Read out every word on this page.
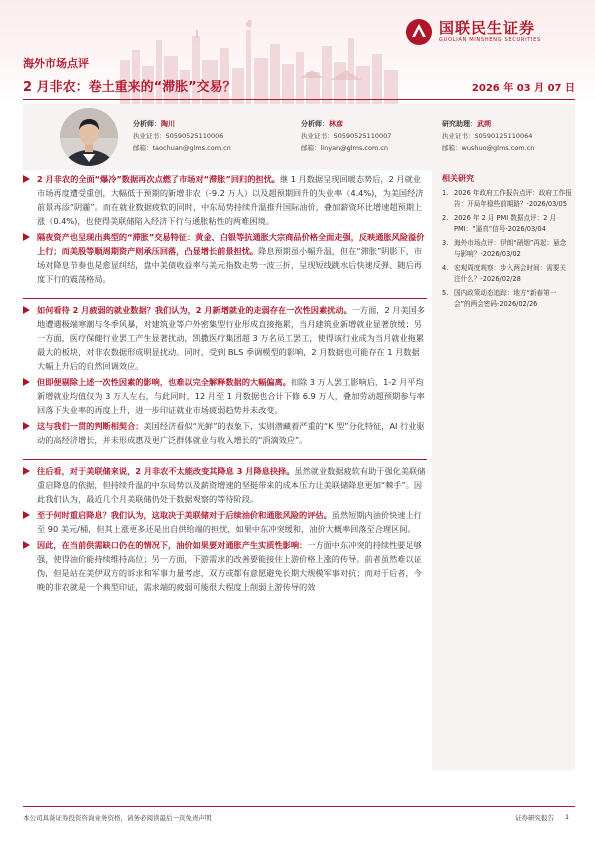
国联民生证券
GUOLIAN MINSHENG SECURITIES
海外市场点评
2 月非农：卷土重来的“滞胀”交易？	2026 年 03 月 07 日
分析师：陶川
执业证书：S0590525110006
邮箱：taochuan@glms.com.cn
分析师：林彦
执业证书：S0590525110007
邮箱：linyan@glms.com.cn
研究助理：武朔
执业证书：S0590125110064
邮箱：wushuo@glms.com.cn
2 月非农的全面“爆冷”数据再次点燃了市场对“滞胀”回归的担忧。继 1 月数据呈现回暖态势后，2 月就业市场再度遭受重创，大幅低于预期的新增非农（-9.2 万人）以及超预期回升的失业率（4.4%)，为美国经济前景再添“阴霾”。而在就业数据疲软的同时，中东局势持续升温推升国际油价，叠加薪资环比增速超预期上涨（0.4%)，也使得美联储陷入经济下行与通胀粘性的两难困境。
隔夜资产也呈现出典型的“滞胀”交易特征：黄金、白银等抗通胀大宗商品价格全面走强，反映通胀风险溢价上行；而美股等顺周期资产则承压回落，凸显增长前景担忧。降息预期虽小幅升温，但在“滞胀”阴影下，市场对降息节奏也是愈显纠结，盘中美债收益率与美元指数走势一波三折，呈现短线跳水后快速反弹、随后再度下行的震荡格局。
如何看待 2 月疲弱的就业数据？我们认为，2 月新增就业的走弱存在一次性因素扰动。一方面，2 月美国多地遭遇极端寒潮与冬季风暴，对建筑业等户外密集型行业形成直接拖累，当月建筑业新增就业显著放缓；另一方面，医疗保健行业罢工产生显著扰动，凯撒医疗集团超 3 万名员工罢工，使得该行业成为当月就业拖累最大的板块，对非农数据形成明显扰动。同时，受到 BLS 季调模型的影响，2 月数据也可能存在 1 月数据大幅上升后的自然回调效应。
但即便剔除上述一次性因素的影响，也难以完全解释数据的大幅偏离。扣除 3 万人罢工影响后，1-2 月平均新增就业均值仅为 3 万人左右，与此同时，12 月至 1 月数据也合计下修 6.9 万人，叠加劳动超预期参与率回落下失业率的再度上升，进一步印证就业市场疲弱趋势并未改变。
这与我们一贯的判断相契合：美国经济看似“光鲜”的表象下，实则潜藏着严重的“K 型”分化特征，AI 行业驱动的高经济增长，并未形成惠及更广泛群体就业与收入增长的“涓滴效应”。
往后看，对于美联储来说，2 月非农不太能改变其降息 3 月降息抉择。虽然就业数据疲软有助于强化美联储重启降息的依据，但持续升温的中东局势以及薪资增速的坚挺带来的成本压力让美联储降息更加“棘手”。因此我们认为，最近几个月美联储仍处于数据观察的等待阶段。
至于何时重启降息？我们认为，这取决于美联储对于后续油价和通胀风险的评估。虽然短期内油价快速上行至 90 美元/桶，但其上涨更多还是出自供给端的担忧，如果中东冲突缓和，油价大概率回落至合理区间。
因此，在当前供需缺口仍在的情况下，油价如果要对通胀产生实质性影响：一方面中东冲突的持续性要足够强，使得油价能持续维持高位；另一方面，下游需求的改善要能接住上游价格上涨的传导。前者虽然难以证伪，但是站在美伊双方的诉求和军事力量考虑，双方或都有意愿避免长期大规模军事对抗；而对于后者，今晚的非农就是一个典型印证，需求端的疲弱可能很大程度上削弱上游传导的效
相关研究
1. 2026 年政府工作报告点评：政府工作报告：开局年稳些前期路？-2026/03/05
2. 2026 年 2 月 PMI 数据点评：2 月 PMI：“逼真”信号-2026/03/04
3. 海外市场点评：伊朗“硝烟”再起：悬念与影响？-2026/03/02
4. 宏观周度观察：步入两会时间：需要关注什么？-2026/02/28
5. 国内政策动态追踪：地方“新春第一会”的两会密码-2026/02/26
本公司具备证券投资咨询业务资格，请务必阅读最后一页免责声明	证券研究报告 1
